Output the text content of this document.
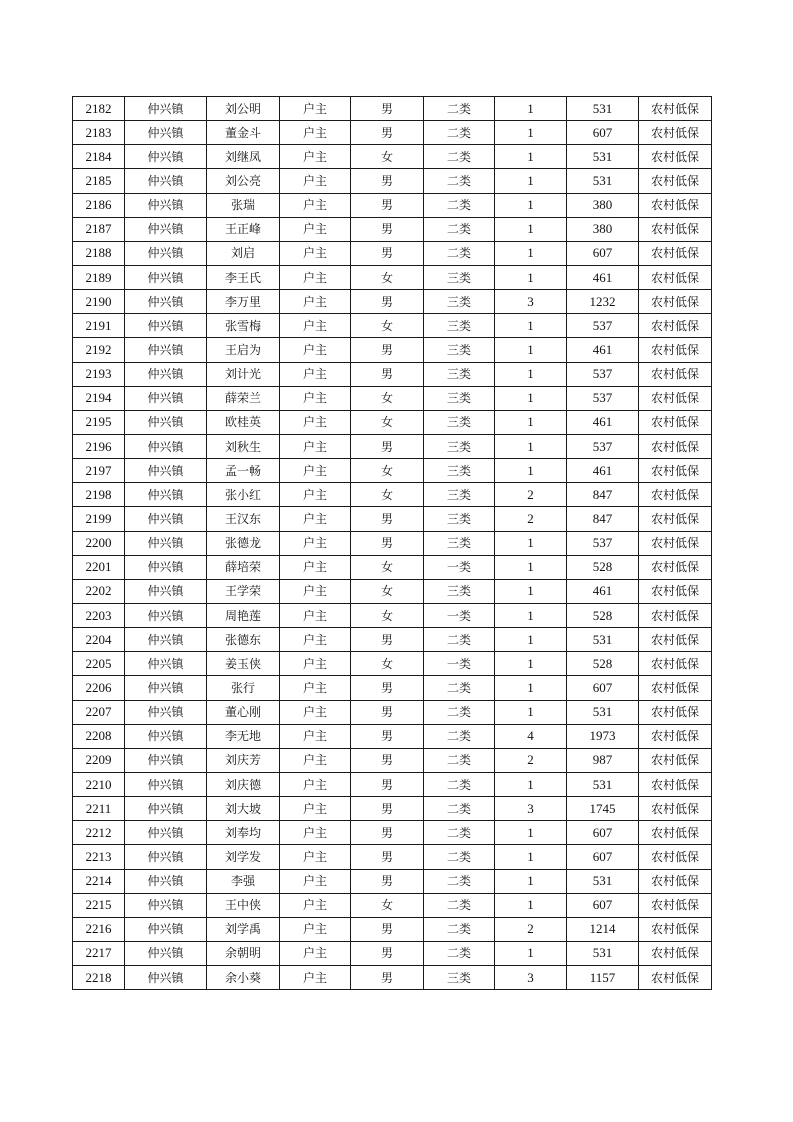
2182	仲兴镇	刘公明	户主	男	二类	1	531	农村低保
2183	仲兴镇	董金斗	户主	男	二类	1	607	农村低保
2184	仲兴镇	刘继凤	户主	女	二类	1	531	农村低保
2185	仲兴镇	刘公亮	户主	男	二类	1	531	农村低保
2186	仲兴镇	张瑞	户主	男	二类	1	380	农村低保
2187	仲兴镇	王正峰	户主	男	二类	1	380	农村低保
2188	仲兴镇	刘启	户主	男	二类	1	607	农村低保
2189	仲兴镇	李王氏	户主	女	三类	1	461	农村低保
2190	仲兴镇	李万里	户主	男	三类	3	1232	农村低保
2191	仲兴镇	张雪梅	户主	女	三类	1	537	农村低保
2192	仲兴镇	王启为	户主	男	三类	1	461	农村低保
2193	仲兴镇	刘计光	户主	男	三类	1	537	农村低保
2194	仲兴镇	薛荣兰	户主	女	三类	1	537	农村低保
2195	仲兴镇	欧桂英	户主	女	三类	1	461	农村低保
2196	仲兴镇	刘秋生	户主	男	三类	1	537	农村低保
2197	仲兴镇	孟一畅	户主	女	三类	1	461	农村低保
2198	仲兴镇	张小红	户主	女	三类	2	847	农村低保
2199	仲兴镇	王汉东	户主	男	三类	2	847	农村低保
2200	仲兴镇	张德龙	户主	男	三类	1	537	农村低保
2201	仲兴镇	薛培荣	户主	女	一类	1	528	农村低保
2202	仲兴镇	王学荣	户主	女	三类	1	461	农村低保
2203	仲兴镇	周艳莲	户主	女	一类	1	528	农村低保
2204	仲兴镇	张德东	户主	男	二类	1	531	农村低保
2205	仲兴镇	姜玉侠	户主	女	一类	1	528	农村低保
2206	仲兴镇	张行	户主	男	二类	1	607	农村低保
2207	仲兴镇	董心刚	户主	男	二类	1	531	农村低保
2208	仲兴镇	李无地	户主	男	二类	4	1973	农村低保
2209	仲兴镇	刘庆芳	户主	男	二类	2	987	农村低保
2210	仲兴镇	刘庆德	户主	男	二类	1	531	农村低保
2211	仲兴镇	刘大坡	户主	男	二类	3	1745	农村低保
2212	仲兴镇	刘奉均	户主	男	二类	1	607	农村低保
2213	仲兴镇	刘学发	户主	男	二类	1	607	农村低保
2214	仲兴镇	李强	户主	男	二类	1	531	农村低保
2215	仲兴镇	王中侠	户主	女	二类	1	607	农村低保
2216	仲兴镇	刘学禹	户主	男	二类	2	1214	农村低保
2217	仲兴镇	余朝明	户主	男	二类	1	531	农村低保
2218	仲兴镇	余小葵	户主	男	三类	3	1157	农村低保
